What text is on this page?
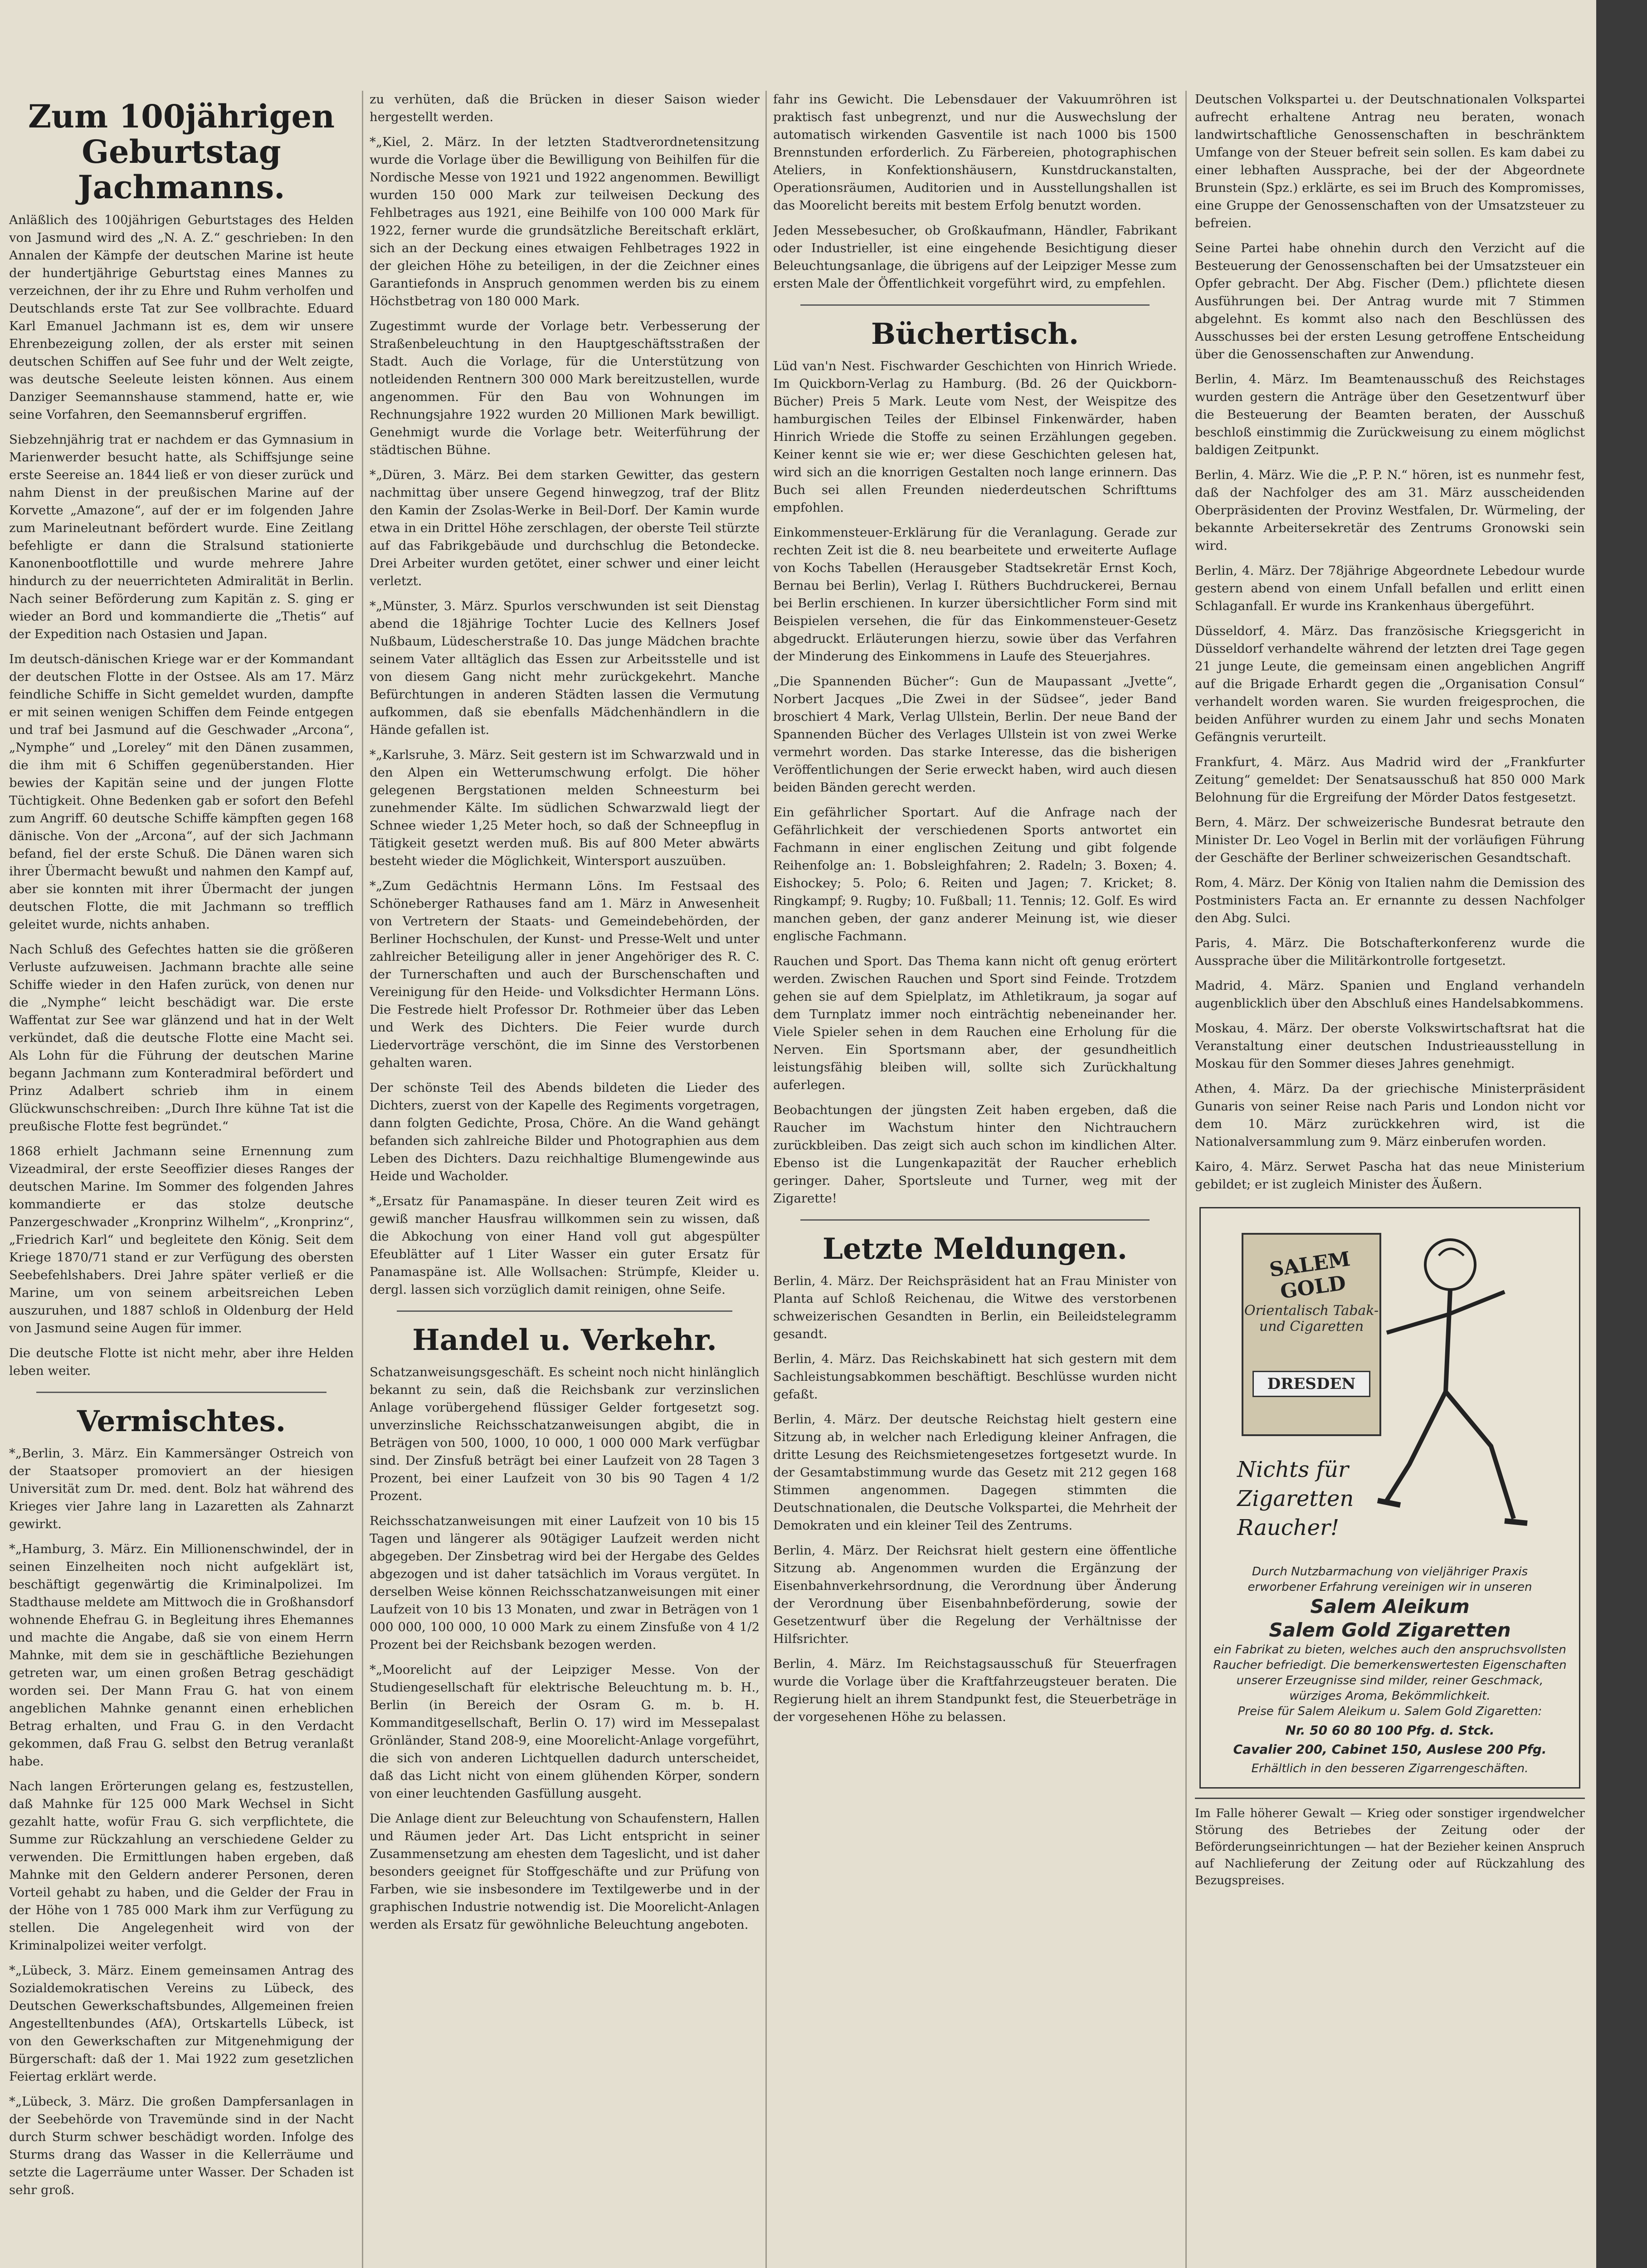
Zum 100jährigen Geburtstag Jachmanns.

Anläßlich des 100jährigen Geburtstages des Helden von Jasmund wird des „N. A. Z.“ geschrieben: In den Annalen der Kämpfe der deutschen Marine ist heute der hundertjährige Geburtstag eines Mannes zu verzeichnen, der ihr zu Ehre und Ruhm verholfen und Deutschlands erste Tat zur See vollbrachte. Eduard Karl Emanuel Jachmann ist es, dem wir unsere Ehrenbezeigung zollen, der als erster mit seinen deutschen Schiffen auf See fuhr und der Welt zeigte, was deutsche Seeleute leisten können. Aus einem Danziger Seemannshause stammend, hatte er, wie seine Vorfahren, den Seemannsberuf ergriffen.

Siebzehnjährig trat er nachdem er das Gymnasium in Marienwerder besucht hatte, als Schiffsjunge seine erste Seereise an. 1844 ließ er von dieser zurück und nahm Dienst in der preußischen Marine auf der Korvette „Amazone“, auf der er im folgenden Jahre zum Marineleutnant befördert wurde. Eine Zeitlang befehligte er dann die Stralsund stationierte Kanonenbootflottille und wurde mehrere Jahre hindurch zu der neuerrichteten Admiralität in Berlin. Nach seiner Beförderung zum Kapitän z. S. ging er wieder an Bord und kommandierte die „Thetis“ auf der Expedition nach Ostasien und Japan.

Im deutsch-dänischen Kriege war er der Kommandant der deutschen Flotte in der Ostsee. Als am 17. März feindliche Schiffe in Sicht gemeldet wurden, dampfte er mit seinen wenigen Schiffen dem Feinde entgegen und traf bei Jasmund auf die Geschwader „Arcona“, „Nymphe“ und „Loreley“ mit den Dänen zusammen, die ihm mit 6 Schiffen gegenüberstanden. Hier bewies der Kapitän seine und der jungen Flotte Tüchtigkeit. Ohne Bedenken gab er sofort den Befehl zum Angriff. 60 deutsche Schiffe kämpften gegen 168 dänische. Von der „Arcona“, auf der sich Jachmann befand, fiel der erste Schuß. Die Dänen waren sich ihrer Übermacht bewußt und nahmen den Kampf auf, aber sie konnten mit ihrer Übermacht der jungen deutschen Flotte, die mit Jachmann so trefflich geleitet wurde, nichts anhaben.

Nach Schluß des Gefechtes hatten sie die größeren Verluste aufzuweisen. Jachmann brachte alle seine Schiffe wieder in den Hafen zurück, von denen nur die „Nymphe“ leicht beschädigt war. Die erste Waffentat zur See war glänzend und hat in der Welt verkündet, daß die deutsche Flotte eine Macht sei. Als Lohn für die Führung der deutschen Marine begann Jachmann zum Konteradmiral befördert und Prinz Adalbert schrieb ihm in einem Glückwunschschreiben: „Durch Ihre kühne Tat ist die preußische Flotte fest begründet.“

1868 erhielt Jachmann seine Ernennung zum Vizeadmiral, der erste Seeoffizier dieses Ranges der deutschen Marine. Im Sommer des folgenden Jahres kommandierte er das stolze deutsche Panzergeschwader „Kronprinz Wilhelm“, „Kronprinz“, „Friedrich Karl“ und begleitete den König. Seit dem Kriege 1870/71 stand er zur Verfügung des obersten Seebefehlshabers. Drei Jahre später verließ er die Marine, um von seinem arbeitsreichen Leben auszuruhen, und 1887 schloß in Oldenburg der Held von Jasmund seine Augen für immer.

Die deutsche Flotte ist nicht mehr, aber ihre Helden leben weiter.

Vermischtes.

*„Berlin, 3. März. Ein Kammersänger Ostreich von der Staatsoper promoviert an der hiesigen Universität zum Dr. med. dent. Bolz hat während des Krieges vier Jahre lang in Lazaretten als Zahnarzt gewirkt.

*„Hamburg, 3. März. Ein Millionenschwindel, der in seinen Einzelheiten noch nicht aufgeklärt ist, beschäftigt gegenwärtig die Kriminalpolizei. Im Stadthause meldete am Mittwoch die in Großhansdorf wohnende Ehefrau G. in Begleitung ihres Ehemannes und machte die Angabe, daß sie von einem Herrn Mahnke, mit dem sie in geschäftliche Beziehungen getreten war, um einen großen Betrag geschädigt worden sei. Der Mann Frau G. hat von einem angeblichen Mahnke genannt einen erheblichen Betrag erhalten, und Frau G. in den Verdacht gekommen, daß Frau G. selbst den Betrug veranlaßt habe.

Nach langen Erörterungen gelang es, festzustellen, daß Mahnke für 125 000 Mark Wechsel in Sicht gezahlt hatte, wofür Frau G. sich verpflichtete, die Summe zur Rückzahlung an verschiedene Gelder zu verwenden. Die Ermittlungen haben ergeben, daß Mahnke mit den Geldern anderer Personen, deren Vorteil gehabt zu haben, und die Gelder der Frau in der Höhe von 1 785 000 Mark ihm zur Verfügung zu stellen. Die Angelegenheit wird von der Kriminalpolizei weiter verfolgt.

*„Lübeck, 3. März. Einem gemeinsamen Antrag des Sozialdemokratischen Vereins zu Lübeck, des Deutschen Gewerkschaftsbundes, Allgemeinen freien Angestelltenbundes (AfA), Ortskartells Lübeck, ist von den Gewerkschaften zur Mitgenehmigung der Bürgerschaft: daß der 1. Mai 1922 zum gesetzlichen Feiertag erklärt werde.

*„Lübeck, 3. März. Die großen Dampfersanlagen in der Seebehörde von Travemünde sind in der Nacht durch Sturm schwer beschädigt worden. Infolge des Sturms drang das Wasser in die Kellerräume und setzte die Lagerräume unter Wasser. Der Schaden ist sehr groß.

zu verhüten, daß die Brücken in dieser Saison wieder hergestellt werden.

*„Kiel, 2. März. In der letzten Stadtverordnetensitzung wurde die Vorlage über die Bewilligung von Beihilfen für die Nordische Messe von 1921 und 1922 angenommen. Bewilligt wurden 150 000 Mark zur teilweisen Deckung des Fehlbetrages aus 1921, eine Beihilfe von 100 000 Mark für 1922, ferner wurde die grundsätzliche Bereitschaft erklärt, sich an der Deckung eines etwaigen Fehlbetrages 1922 in der gleichen Höhe zu beteiligen, in der die Zeichner eines Garantiefonds in Anspruch genommen werden bis zu einem Höchstbetrag von 180 000 Mark.

Zugestimmt wurde der Vorlage betr. Verbesserung der Straßenbeleuchtung in den Hauptgeschäftsstraßen der Stadt. Auch die Vorlage, für die Unterstützung von notleidenden Rentnern 300 000 Mark bereitzustellen, wurde angenommen. Für den Bau von Wohnungen im Rechnungsjahre 1922 wurden 20 Millionen Mark bewilligt. Genehmigt wurde die Vorlage betr. Weiterführung der städtischen Bühne.

*„Düren, 3. März. Bei dem starken Gewitter, das gestern nachmittag über unsere Gegend hinwegzog, traf der Blitz den Kamin der Zsolas-Werke in Beil-Dorf. Der Kamin wurde etwa in ein Drittel Höhe zerschlagen, der oberste Teil stürzte auf das Fabrikgebäude und durchschlug die Betondecke. Drei Arbeiter wurden getötet, einer schwer und einer leicht verletzt.

*„Münster, 3. März. Spurlos verschwunden ist seit Dienstag abend die 18jährige Tochter Lucie des Kellners Josef Nußbaum, Lüdescherstraße 10. Das junge Mädchen brachte seinem Vater alltäglich das Essen zur Arbeitsstelle und ist von diesem Gang nicht mehr zurückgekehrt. Manche Befürchtungen in anderen Städten lassen die Vermutung aufkommen, daß sie ebenfalls Mädchenhändlern in die Hände gefallen ist.

*„Karlsruhe, 3. März. Seit gestern ist im Schwarzwald und in den Alpen ein Wetterumschwung erfolgt. Die höher gelegenen Bergstationen melden Schneesturm bei zunehmender Kälte. Im südlichen Schwarzwald liegt der Schnee wieder 1,25 Meter hoch, so daß der Schneepflug in Tätigkeit gesetzt werden muß. Bis auf 800 Meter abwärts besteht wieder die Möglichkeit, Wintersport auszuüben.

*„Zum Gedächtnis Hermann Löns. Im Festsaal des Schöneberger Rathauses fand am 1. März in Anwesenheit von Vertretern der Staats- und Gemeindebehörden, der Berliner Hochschulen, der Kunst- und Presse-Welt und unter zahlreicher Beteiligung aller in jener Angehöriger des R. C. der Turnerschaften und auch der Burschenschaften und Vereinigung für den Heide- und Volksdichter Hermann Löns. Die Festrede hielt Professor Dr. Rothmeier über das Leben und Werk des Dichters. Die Feier wurde durch Liedervorträge verschönt, die im Sinne des Verstorbenen gehalten waren.

Der schönste Teil des Abends bildeten die Lieder des Dichters, zuerst von der Kapelle des Regiments vorgetragen, dann folgten Gedichte, Prosa, Chöre. An die Wand gehängt befanden sich zahlreiche Bilder und Photographien aus dem Leben des Dichters. Dazu reichhaltige Blumengewinde aus Heide und Wacholder.

*„Ersatz für Panamaspäne. In dieser teuren Zeit wird es gewiß mancher Hausfrau willkommen sein zu wissen, daß die Abkochung von einer Hand voll gut abgespülter Efeublätter auf 1 Liter Wasser ein guter Ersatz für Panamaspäne ist. Alle Wollsachen: Strümpfe, Kleider u. dergl. lassen sich vorzüglich damit reinigen, ohne Seife.

Handel u. Verkehr.

Schatzanweisungsgeschäft. Es scheint noch nicht hinlänglich bekannt zu sein, daß die Reichsbank zur verzinslichen Anlage vorübergehend flüssiger Gelder fortgesetzt sog. unverzinsliche Reichsschatzanweisungen abgibt, die in Beträgen von 500, 1000, 10 000, 1 000 000 Mark verfügbar sind. Der Zinsfuß beträgt bei einer Laufzeit von 28 Tagen 3 Prozent, bei einer Laufzeit von 30 bis 90 Tagen 4 1/2 Prozent.

Reichsschatzanweisungen mit einer Laufzeit von 10 bis 15 Tagen und längerer als 90tägiger Laufzeit werden nicht abgegeben. Der Zinsbetrag wird bei der Hergabe des Geldes abgezogen und ist daher tatsächlich im Voraus vergütet. In derselben Weise können Reichsschatzanweisungen mit einer Laufzeit von 10 bis 13 Monaten, und zwar in Beträgen von 1 000 000, 100 000, 10 000 Mark zu einem Zinsfuße von 4 1/2 Prozent bei der Reichsbank bezogen werden.

*„Moorelicht auf der Leipziger Messe. Von der Studiengesellschaft für elektrische Beleuchtung m. b. H., Berlin (in Bereich der Osram G. m. b. H. Kommanditgesellschaft, Berlin O. 17) wird im Messepalast Grönländer, Stand 208-9, eine Moorelicht-Anlage vorgeführt, die sich von anderen Lichtquellen dadurch unterscheidet, daß das Licht nicht von einem glühenden Körper, sondern von einer leuchtenden Gasfüllung ausgeht.

Die Anlage dient zur Beleuchtung von Schaufenstern, Hallen und Räumen jeder Art. Das Licht entspricht in seiner Zusammensetzung am ehesten dem Tageslicht, und ist daher besonders geeignet für Stoffgeschäfte und zur Prüfung von Farben, wie sie insbesondere im Textilgewerbe und in der graphischen Industrie notwendig ist. Die Moorelicht-Anlagen werden als Ersatz für gewöhnliche Beleuchtung angeboten.

fahr ins Gewicht. Die Lebensdauer der Vakuumröhren ist praktisch fast unbegrenzt, und nur die Auswechslung der automatisch wirkenden Gasventile ist nach 1000 bis 1500 Brennstunden erforderlich. Zu Färbereien, photographischen Ateliers, in Konfektionshäusern, Kunstdruckanstalten, Operationsräumen, Auditorien und in Ausstellungshallen ist das Moorelicht bereits mit bestem Erfolg benutzt worden.

Jeden Messebesucher, ob Großkaufmann, Händler, Fabrikant oder Industrieller, ist eine eingehende Besichtigung dieser Beleuchtungsanlage, die übrigens auf der Leipziger Messe zum ersten Male der Öffentlichkeit vorgeführt wird, zu empfehlen.

Büchertisch.

Lüd van'n Nest. Fischwarder Geschichten von Hinrich Wriede. Im Quickborn-Verlag zu Hamburg. (Bd. 26 der Quickborn-Bücher) Preis 5 Mark. Leute vom Nest, der Weispitze des hamburgischen Teiles der Elbinsel Finkenwärder, haben Hinrich Wriede die Stoffe zu seinen Erzählungen gegeben. Keiner kennt sie wie er; wer diese Geschichten gelesen hat, wird sich an die knorrigen Gestalten noch lange erinnern. Das Buch sei allen Freunden niederdeutschen Schrifttums empfohlen.

Einkommensteuer-Erklärung für die Veranlagung. Gerade zur rechten Zeit ist die 8. neu bearbeitete und erweiterte Auflage von Kochs Tabellen (Herausgeber Stadtsekretär Ernst Koch, Bernau bei Berlin), Verlag I. Rüthers Buchdruckerei, Bernau bei Berlin erschienen. In kurzer übersichtlicher Form sind mit Beispielen versehen, die für das Einkommensteuer-Gesetz abgedruckt. Erläuterungen hierzu, sowie über das Verfahren der Minderung des Einkommens in Laufe des Steuerjahres.

„Die Spannenden Bücher“: Gun de Maupassant „Jvette“, Norbert Jacques „Die Zwei in der Südsee“, jeder Band broschiert 4 Mark, Verlag Ullstein, Berlin. Der neue Band der Spannenden Bücher des Verlages Ullstein ist von zwei Werke vermehrt worden. Das starke Interesse, das die bisherigen Veröffentlichungen der Serie erweckt haben, wird auch diesen beiden Bänden gerecht werden.

Ein gefährlicher Sportart. Auf die Anfrage nach der Gefährlichkeit der verschiedenen Sports antwortet ein Fachmann in einer englischen Zeitung und gibt folgende Reihenfolge an: 1. Bobsleighfahren; 2. Radeln; 3. Boxen; 4. Eishockey; 5. Polo; 6. Reiten und Jagen; 7. Kricket; 8. Ringkampf; 9. Rugby; 10. Fußball; 11. Tennis; 12. Golf. Es wird manchen geben, der ganz anderer Meinung ist, wie dieser englische Fachmann.

Rauchen und Sport. Das Thema kann nicht oft genug erörtert werden. Zwischen Rauchen und Sport sind Feinde. Trotzdem gehen sie auf dem Spielplatz, im Athletikraum, ja sogar auf dem Turnplatz immer noch einträchtig nebeneinander her. Viele Spieler sehen in dem Rauchen eine Erholung für die Nerven. Ein Sportsmann aber, der gesundheitlich leistungsfähig bleiben will, sollte sich Zurückhaltung auferlegen.

Beobachtungen der jüngsten Zeit haben ergeben, daß die Raucher im Wachstum hinter den Nichtrauchern zurückbleiben. Das zeigt sich auch schon im kindlichen Alter. Ebenso ist die Lungenkapazität der Raucher erheblich geringer. Daher, Sportsleute und Turner, weg mit der Zigarette!

Letzte Meldungen.

Berlin, 4. März. Der Reichspräsident hat an Frau Minister von Planta auf Schloß Reichenau, die Witwe des verstorbenen schweizerischen Gesandten in Berlin, ein Beileidstelegramm gesandt.

Berlin, 4. März. Das Reichskabinett hat sich gestern mit dem Sachleistungsabkommen beschäftigt. Beschlüsse wurden nicht gefaßt.

Berlin, 4. März. Der deutsche Reichstag hielt gestern eine Sitzung ab, in welcher nach Erledigung kleiner Anfragen, die dritte Lesung des Reichsmietengesetzes fortgesetzt wurde. In der Gesamtabstimmung wurde das Gesetz mit 212 gegen 168 Stimmen angenommen. Dagegen stimmten die Deutschnationalen, die Deutsche Volkspartei, die Mehrheit der Demokraten und ein kleiner Teil des Zentrums.

Berlin, 4. März. Der Reichsrat hielt gestern eine öffentliche Sitzung ab. Angenommen wurden die Ergänzung der Eisenbahnverkehrsordnung, die Verordnung über Änderung der Verordnung über Eisenbahnbeförderung, sowie der Gesetzentwurf über die Regelung der Verhältnisse der Hilfsrichter.

Berlin, 4. März. Im Reichstagsausschuß für Steuerfragen wurde die Vorlage über die Kraftfahrzeugsteuer beraten. Die Regierung hielt an ihrem Standpunkt fest, die Steuerbeträge in der vorgesehenen Höhe zu belassen.

Deutschen Volkspartei u. der Deutschnationalen Volkspartei aufrecht erhaltene Antrag neu beraten, wonach landwirtschaftliche Genossenschaften in beschränktem Umfange von der Steuer befreit sein sollen. Es kam dabei zu einer lebhaften Aussprache, bei der der Abgeordnete Brunstein (Spz.) erklärte, es sei im Bruch des Kompromisses, eine Gruppe der Genossenschaften von der Umsatzsteuer zu befreien.

Seine Partei habe ohnehin durch den Verzicht auf die Besteuerung der Genossenschaften bei der Umsatzsteuer ein Opfer gebracht. Der Abg. Fischer (Dem.) pflichtete diesen Ausführungen bei. Der Antrag wurde mit 7 Stimmen abgelehnt. Es kommt also nach den Beschlüssen des Ausschusses bei der ersten Lesung getroffene Entscheidung über die Genossenschaften zur Anwendung.

Berlin, 4. März. Im Beamtenausschuß des Reichstages wurden gestern die Anträge über den Gesetzentwurf über die Besteuerung der Beamten beraten, der Ausschuß beschloß einstimmig die Zurückweisung zu einem möglichst baldigen Zeitpunkt.

Berlin, 4. März. Wie die „P. P. N.“ hören, ist es nunmehr fest, daß der Nachfolger des am 31. März ausscheidenden Oberpräsidenten der Provinz Westfalen, Dr. Würmeling, der bekannte Arbeitersekretär des Zentrums Gronowski sein wird.

Berlin, 4. März. Der 78jährige Abgeordnete Lebedour wurde gestern abend von einem Unfall befallen und erlitt einen Schlaganfall. Er wurde ins Krankenhaus übergeführt.

Düsseldorf, 4. März. Das französische Kriegsgericht in Düsseldorf verhandelte während der letzten drei Tage gegen 21 junge Leute, die gemeinsam einen angeblichen Angriff auf die Brigade Erhardt gegen die „Organisation Consul“ verhandelt worden waren. Sie wurden freigesprochen, die beiden Anführer wurden zu einem Jahr und sechs Monaten Gefängnis verurteilt.

Frankfurt, 4. März. Aus Madrid wird der „Frankfurter Zeitung“ gemeldet: Der Senatsausschuß hat 850 000 Mark Belohnung für die Ergreifung der Mörder Datos festgesetzt.

Bern, 4. März. Der schweizerische Bundesrat betraute den Minister Dr. Leo Vogel in Berlin mit der vorläufigen Führung der Geschäfte der Berliner schweizerischen Gesandtschaft.

Rom, 4. März. Der König von Italien nahm die Demission des Postministers Facta an. Er ernannte zu dessen Nachfolger den Abg. Sulci.

Paris, 4. März. Die Botschafterkonferenz wurde die Aussprache über die Militärkontrolle fortgesetzt.

Madrid, 4. März. Spanien und England verhandeln augenblicklich über den Abschluß eines Handelsabkommens.

Moskau, 4. März. Der oberste Volkswirtschaftsrat hat die Veranstaltung einer deutschen Industrieausstellung in Moskau für den Sommer dieses Jahres genehmigt.

Athen, 4. März. Da der griechische Ministerpräsident Gunaris von seiner Reise nach Paris und London nicht vor dem 10. März zurückkehren wird, ist die Nationalversammlung zum 9. März einberufen worden.

Kairo, 4. März. Serwet Pascha hat das neue Ministerium gebildet; er ist zugleich Minister des Äußern.

SALEM GOLD
Orientalisch Tabak- und Cigaretten
DRESDEN
Nichts für Zigaretten Raucher!
Durch Nutzbarmachung von vieljähriger Praxis
erworbener Erfahrung vereinigen wir in unseren
Salem Aleikum
Salem Gold Zigaretten
ein Fabrikat zu bieten, welches auch den anspruchsvollsten Raucher befriedigt. Die bemerkenswertesten Eigenschaften unserer Erzeugnisse sind milder, reiner Geschmack, würziges Aroma, Bekömmlichkeit.
Preise für Salem Aleikum u. Salem Gold Zigaretten:
Nr. 50 60 80 100 Pfg. d. Stck.
Cavalier 200, Cabinet 150, Auslese 200 Pfg.
Erhältlich in den besseren Zigarrengeschäften.

Im Falle höherer Gewalt — Krieg oder sonstiger irgendwelcher Störung des Betriebes der Zeitung oder der Beförderungseinrichtungen — hat der Bezieher keinen Anspruch auf Nachlieferung der Zeitung oder auf Rückzahlung des Bezugspreises.
